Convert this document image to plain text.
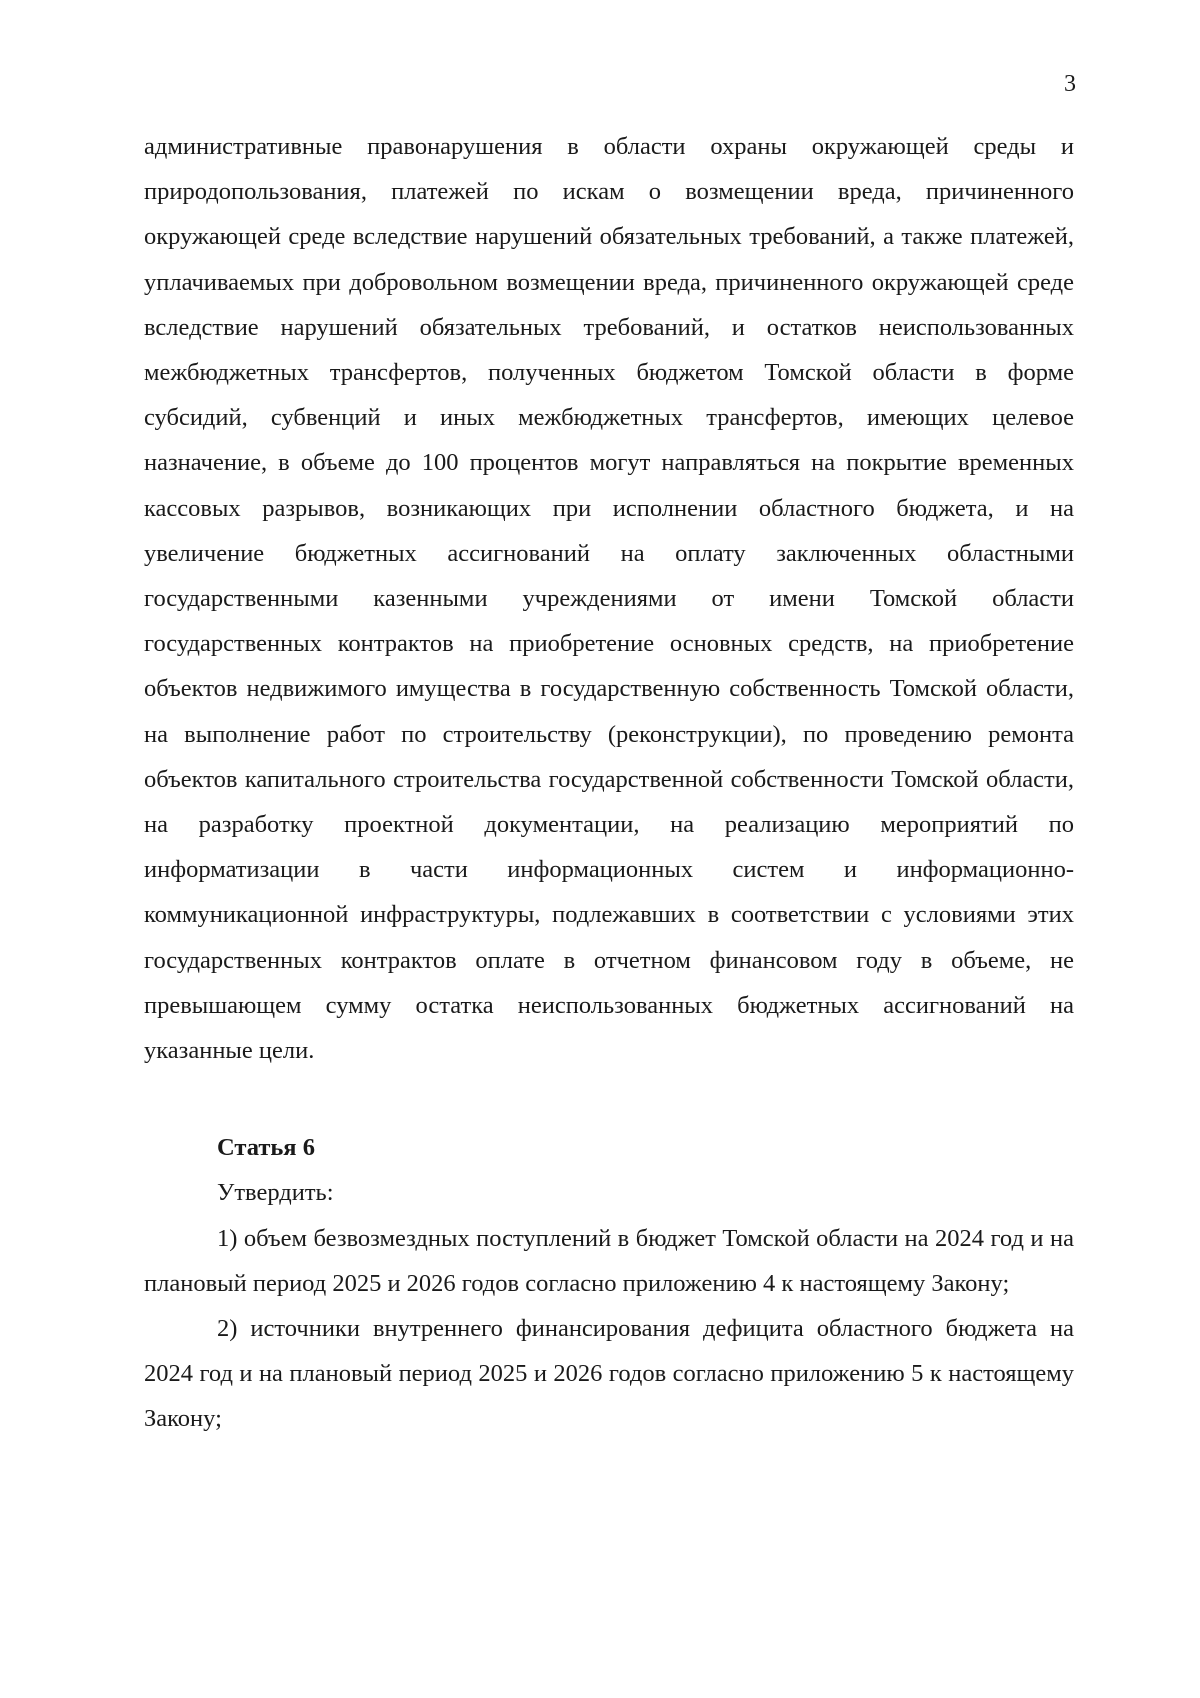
3

административные правонарушения в области охраны окружающей среды и природопользования, платежей по искам о возмещении вреда, причиненного окружающей среде вследствие нарушений обязательных требований, а также платежей, уплачиваемых при добровольном возмещении вреда, причиненного окружающей среде вследствие нарушений обязательных требований, и остатков неиспользованных межбюджетных трансфертов, полученных бюджетом Томской области в форме субсидий, субвенций и иных межбюджетных трансфертов, имеющих целевое назначение, в объеме до 100 процентов могут направляться на покрытие временных кассовых разрывов, возникающих при исполнении областного бюджета, и на увеличение бюджетных ассигнований на оплату заключенных областными государственными казенными учреждениями от имени Томской области государственных контрактов на приобретение основных средств, на приобретение объектов недвижимого имущества в государственную собственность Томской области, на выполнение работ по строительству (реконструкции), по проведению ремонта объектов капитального строительства государственной собственности Томской области, на разработку проектной документации, на реализацию мероприятий по информатизации в части информационных систем и информационно-коммуникационной инфраструктуры, подлежавших в соответствии с условиями этих государственных контрактов оплате в отчетном финансовом году в объеме, не превышающем сумму остатка неиспользованных бюджетных ассигнований на указанные цели.

Статья 6

Утвердить:

1) объем безвозмездных поступлений в бюджет Томской области на 2024 год и на плановый период 2025 и 2026 годов согласно приложению 4 к настоящему Закону;

2) источники внутреннего финансирования дефицита областного бюджета на 2024 год и на плановый период 2025 и 2026 годов согласно приложению 5 к настоящему Закону;
